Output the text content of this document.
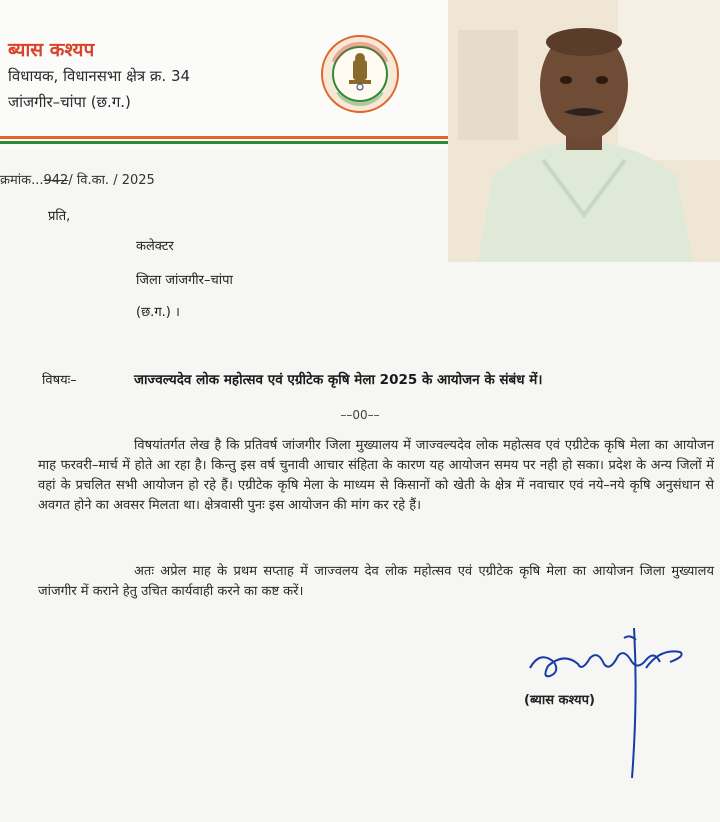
ब्यास कश्यप
विधायक, विधानसभा क्षेत्र क्र. 34
जांजगीर–चांपा (छ.ग.)
क्रमांक...942/ वि.का. / 2025
प्रति,
कलेक्टर
जिला जांजगीर–चांपा
(छ.ग.) ।
विषयः–	जाज्वल्यदेव लोक महोत्सव एवं एग्रीटेक कृषि मेला 2025 के आयोजन के संबंध में।
––00––
विषयांतर्गत लेख है कि प्रतिवर्ष जांजगीर जिला मुख्यालय में जाज्वल्यदेव लोक महोत्सव एवं एग्रीटेक कृषि मेला का आयोजन माह फरवरी–मार्च में होते आ रहा है। किन्तु इस वर्ष चुनावी आचार संहिता के कारण यह आयोजन समय पर नही हो सका। प्रदेश के अन्य जिलों में वहां के प्रचलित सभी आयोजन हो रहे हैं। एग्रीटेक कृषि मेला के माध्यम से किसानों को खेती के क्षेत्र में नवाचार एवं नये–नये कृषि अनुसंधान से अवगत होने का अवसर मिलता था। क्षेत्रवासी पुनः इस आयोजन की मांग कर रहे हैं।
अतः अप्रेल माह के प्रथम सप्ताह में जाज्वलय देव लोक महोत्सव एवं एग्रीटेक कृषि मेला का आयोजन जिला मुख्यालय जांजगीर में कराने हेतु उचित कार्यवाही करने का कष्ट करें।
(ब्यास कश्यप)
